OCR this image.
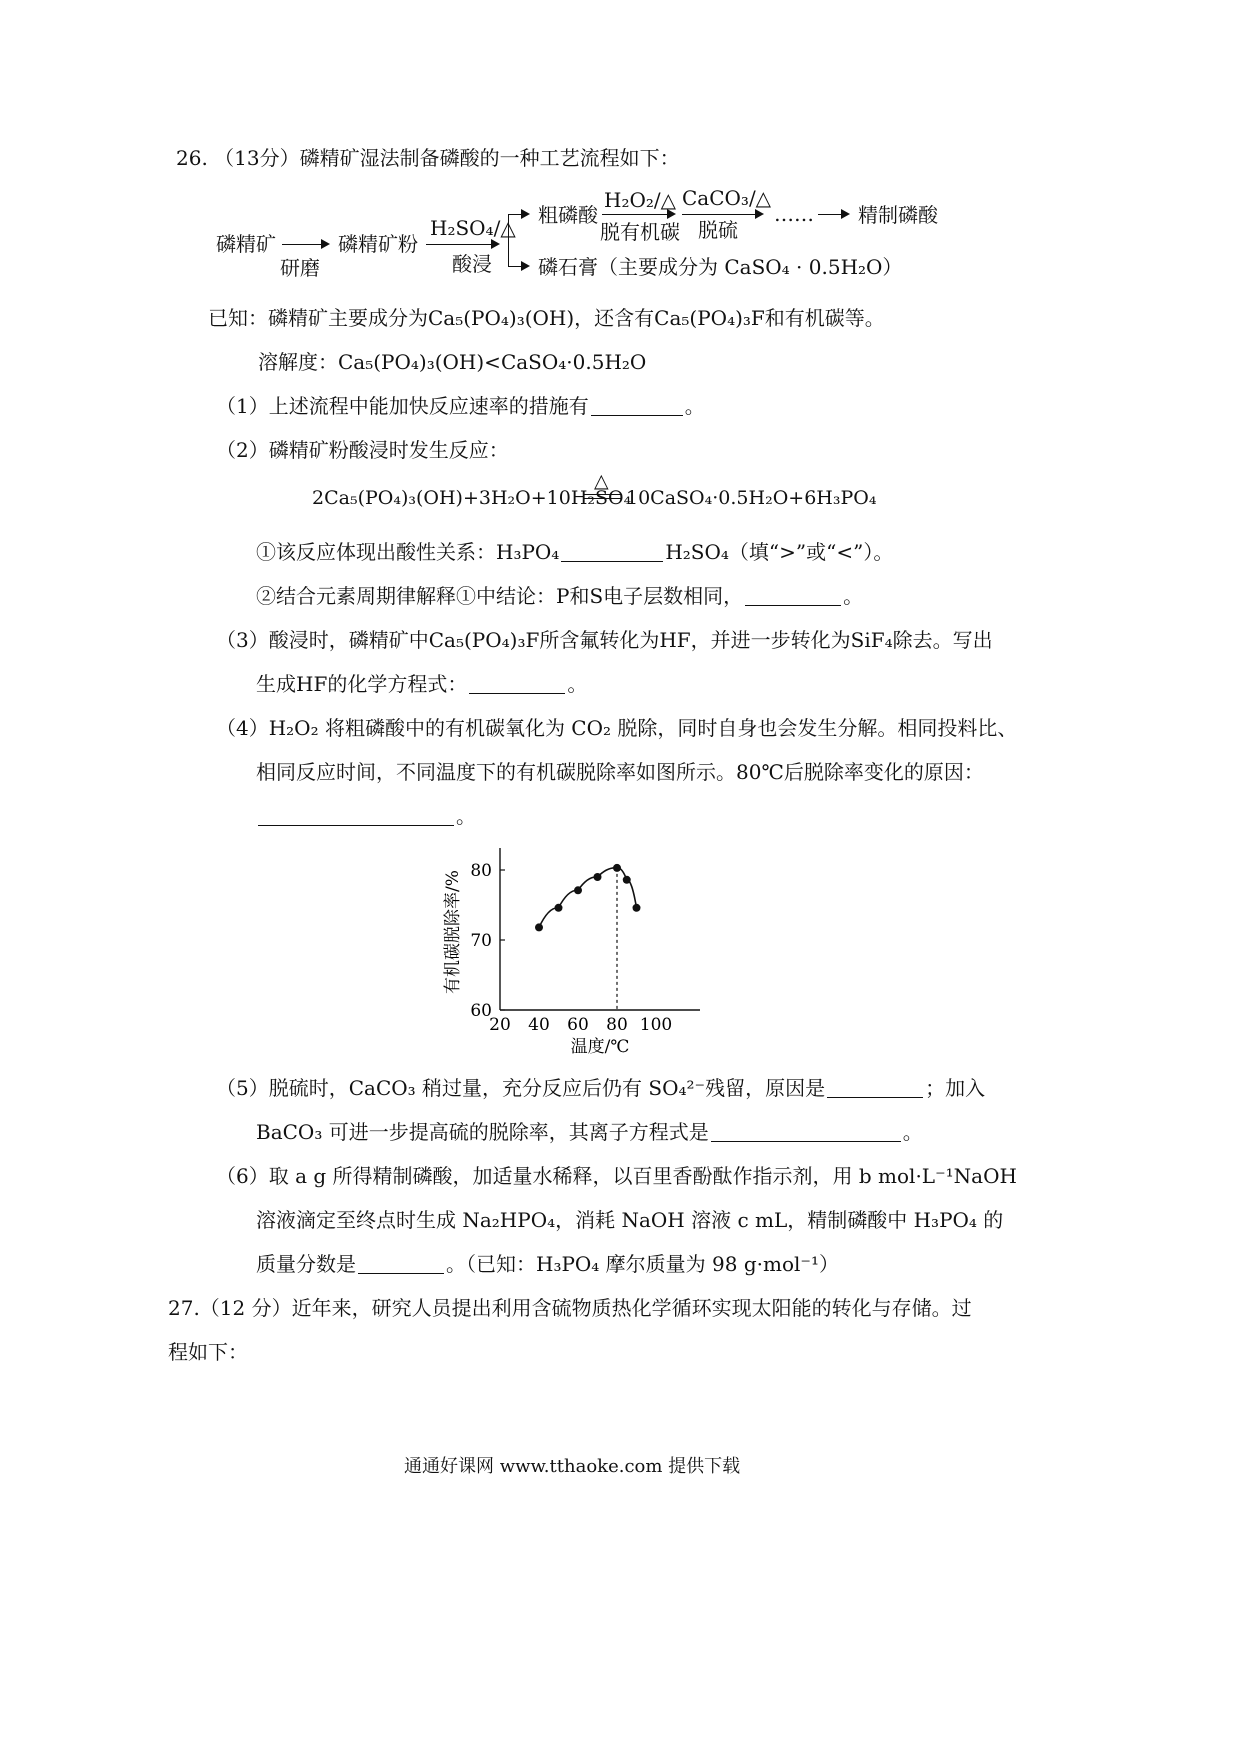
26. （13分）磷精矿湿法制备磷酸的一种工艺流程如下：
磷精矿
研磨
磷精矿粉
H₂SO₄/△
酸浸
粗磷酸
H₂O₂/△
脱有机碳
CaCO₃/△
脱硫
…… 精制磷酸
磷石膏（主要成分为 CaSO₄ · 0.5H₂O）
已知：磷精矿主要成分为Ca₅(PO₄)₃(OH)，还含有Ca₅(PO₄)₃F和有机碳等。
溶解度：Ca₅(PO₄)₃(OH)<CaSO₄·0.5H₂O
（1）上述流程中能加快反应速率的措施有	。
（2）磷精矿粉酸浸时发生反应：
2Ca₅(PO₄)₃(OH)+3H₂O+10H₂SO₄
△
10CaSO₄·0.5H₂O+6H₃PO₄
①该反应体现出酸性关系：H₃PO₄	H₂SO₄（填“>”或“<”）。
②结合元素周期律解释①中结论：P和S电子层数相同，	。
（3）酸浸时，磷精矿中Ca₅(PO₄)₃F所含氟转化为HF，并进一步转化为SiF₄除去。写出
生成HF的化学方程式：	。
（4）H₂O₂ 将粗磷酸中的有机碳氧化为 CO₂ 脱除，同时自身也会发生分解。相同投料比、
相同反应时间，不同温度下的有机碳脱除率如图所示。80℃后脱除率变化的原因：
。
60
70
80
20 40 60 80 100
有机碳脱除率/%
温度/℃
（5）脱硫时，CaCO₃ 稍过量，充分反应后仍有 SO₄²⁻残留，原因是	；加入
BaCO₃ 可进一步提高硫的脱除率，其离子方程式是	。
（6）取 a g 所得精制磷酸，加适量水稀释，以百里香酚酞作指示剂，用 b mol·L⁻¹NaOH
溶液滴定至终点时生成 Na₂HPO₄，消耗 NaOH 溶液 c mL，精制磷酸中 H₃PO₄ 的
质量分数是	。（已知：H₃PO₄ 摩尔质量为 98 g·mol⁻¹）
27.（12 分）近年来，研究人员提出利用含硫物质热化学循环实现太阳能的转化与存储。过
程如下：
通通好课网 www.tthaoke.com 提供下载
